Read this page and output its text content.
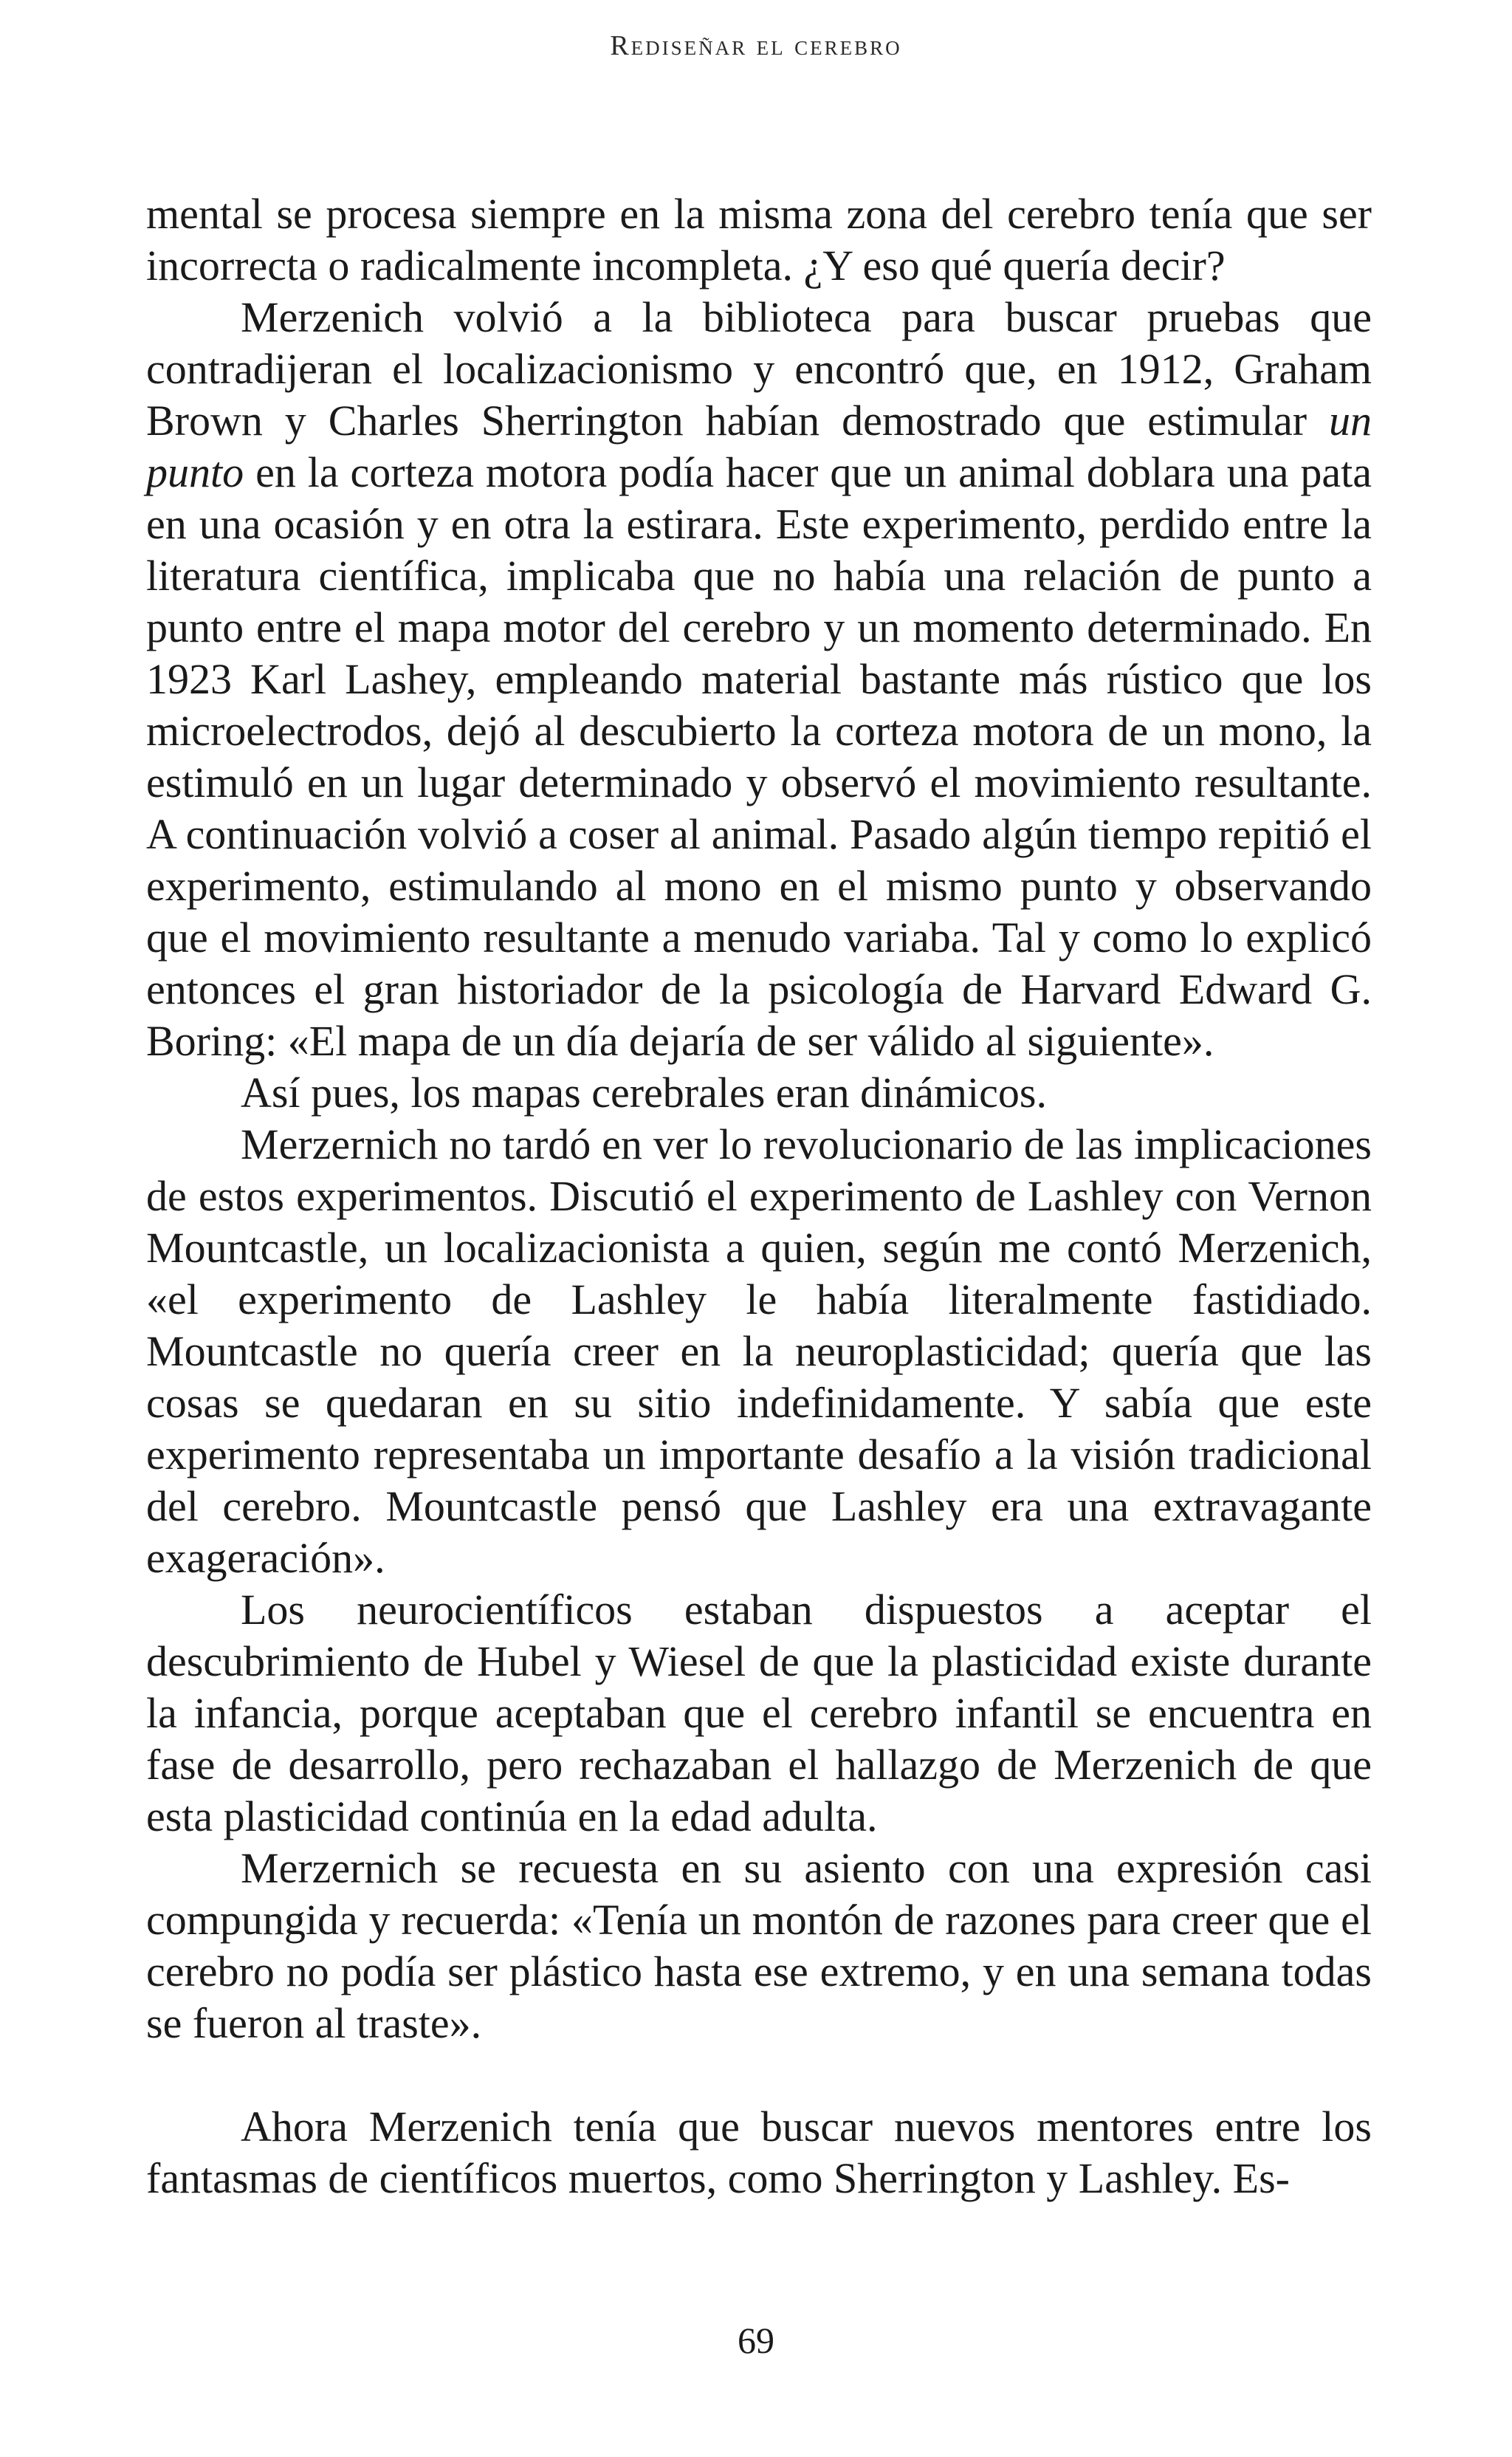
Rediseñar el cerebro

mental se procesa siempre en la misma zona del cerebro tenía que ser incorrecta o radicalmente incompleta. ¿Y eso qué quería decir?

Merzenich volvió a la biblioteca para buscar pruebas que contradijeran el localizacionismo y encontró que, en 1912, Graham Brown y Charles Sherrington habían demostrado que estimular un punto en la corteza motora podía hacer que un animal doblara una pata en una ocasión y en otra la estirara. Este experimento, perdido entre la literatura científica, implicaba que no había una relación de punto a punto entre el mapa motor del cerebro y un momento determinado. En 1923 Karl Lashey, empleando material bastante más rústico que los microelectrodos, dejó al descubierto la corteza motora de un mono, la estimuló en un lugar determinado y observó el movimiento resultante. A continuación volvió a coser al animal. Pasado algún tiempo repitió el experimento, estimulando al mono en el mismo punto y observando que el movimiento resultante a menudo variaba. Tal y como lo explicó entonces el gran historiador de la psicología de Harvard Edward G. Boring: «El mapa de un día dejaría de ser válido al siguiente».

Así pues, los mapas cerebrales eran dinámicos.

Merzernich no tardó en ver lo revolucionario de las implicaciones de estos experimentos. Discutió el experimento de Lashley con Vernon Mountcastle, un localizacionista a quien, según me contó Merzenich, «el experimento de Lashley le había literalmente fastidiado. Mountcastle no quería creer en la neuroplasticidad; quería que las cosas se quedaran en su sitio indefinidamente. Y sabía que este experimento representaba un importante desafío a la visión tradicional del cerebro. Mountcastle pensó que Lashley era una extravagante exageración».

Los neurocientíficos estaban dispuestos a aceptar el descubrimiento de Hubel y Wiesel de que la plasticidad existe durante la infancia, porque aceptaban que el cerebro infantil se encuentra en fase de desarrollo, pero rechazaban el hallazgo de Merzenich de que esta plasticidad continúa en la edad adulta.

Merzernich se recuesta en su asiento con una expresión casi compungida y recuerda: «Tenía un montón de razones para creer que el cerebro no podía ser plástico hasta ese extremo, y en una semana todas se fueron al traste».

Ahora Merzenich tenía que buscar nuevos mentores entre los fantasmas de científicos muertos, como Sherrington y Lashley. Es-

69
